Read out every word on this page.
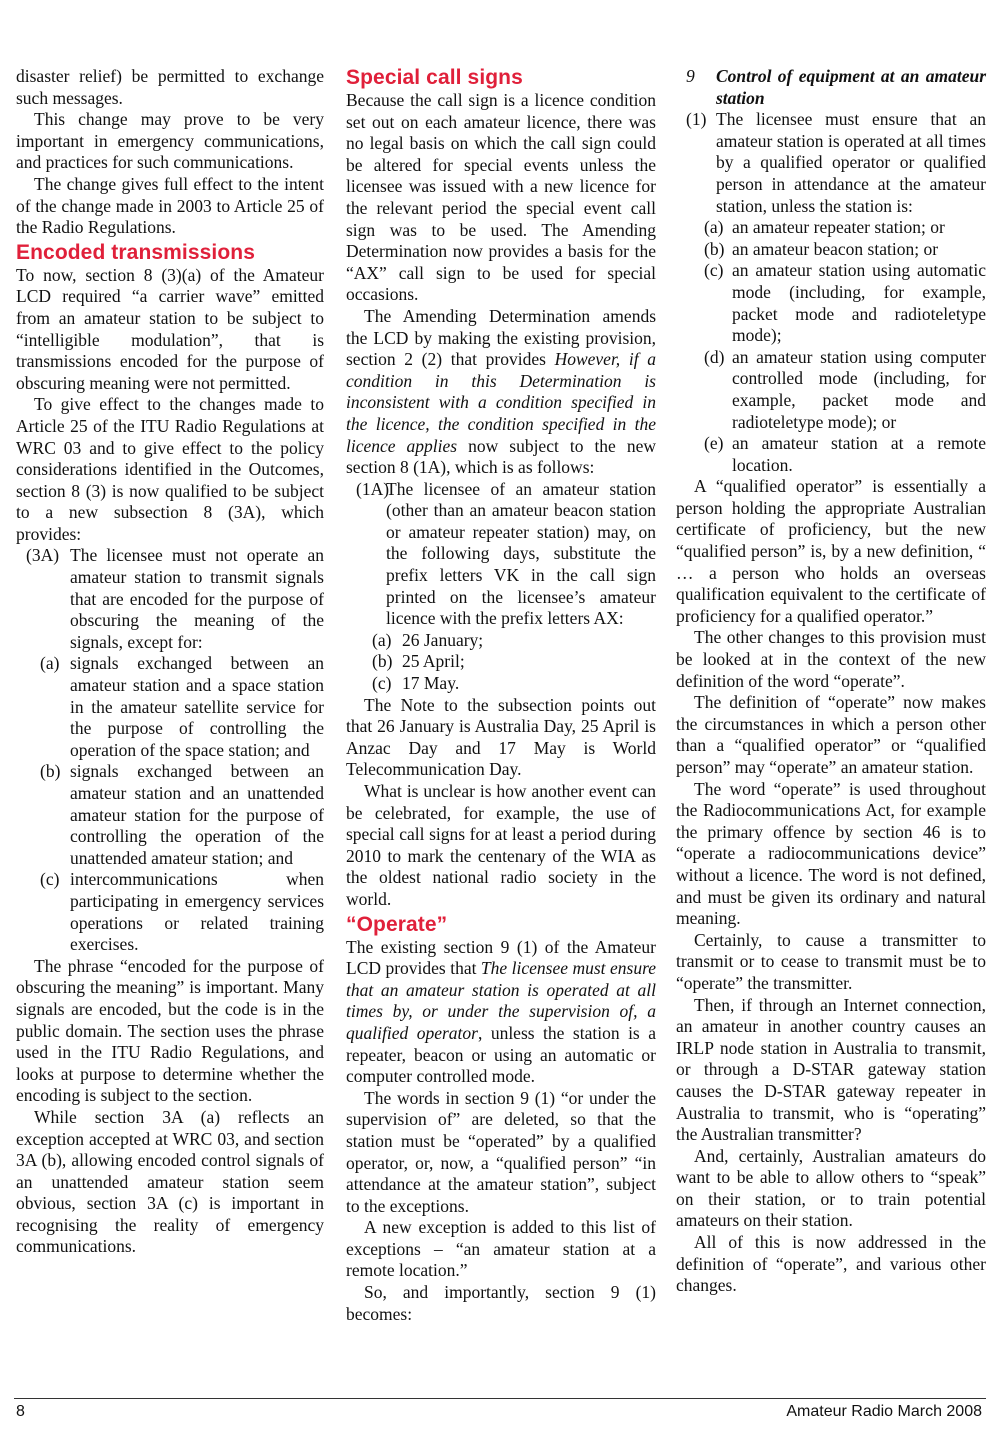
disaster relief) be permitted to exchange such messages.

This change may prove to be very important in emergency communications, and practices for such communications.

The change gives full effect to the intent of the change made in 2003 to Article 25 of the Radio Regulations.

Encoded transmissions

To now, section 8 (3)(a) of the Amateur LCD required “a carrier wave” emitted from an amateur station to be subject to “intelligible modulation”, that is transmissions encoded for the purpose of obscuring meaning were not permitted.

To give effect to the changes made to Article 25 of the ITU Radio Regulations at WRC 03 and to give effect to the policy considerations identified in the Outcomes, section 8 (3) is now qualified to be subject to a new subsection 8 (3A), which provides:

(3A) The licensee must not operate an amateur station to transmit signals that are encoded for the purpose of obscuring the meaning of the signals, except for:

(a) signals exchanged between an amateur station and a space station in the amateur satellite service for the purpose of controlling the operation of the space station; and

(b) signals exchanged between an amateur station and an unattended amateur station for the purpose of controlling the operation of the unattended amateur station; and

(c) intercommunications when participating in emergency services operations or related training exercises.

The phrase “encoded for the purpose of obscuring the meaning” is important. Many signals are encoded, but the code is in the public domain. The section uses the phrase used in the ITU Radio Regulations, and looks at purpose to determine whether the encoding is subject to the section.

While section 3A (a) reflects an exception accepted at WRC 03, and section 3A (b), allowing encoded control signals of an unattended amateur station seem obvious, section 3A (c) is important in recognising the reality of emergency communications.

Special call signs

Because the call sign is a licence condition set out on each amateur licence, there was no legal basis on which the call sign could be altered for special events unless the licensee was issued with a new licence for the relevant period the special event call sign was to be used. The Amending Determination now provides a basis for the “AX” call sign to be used for special occasions.

The Amending Determination amends the LCD by making the existing provision, section 2 (2) that provides However, if a condition in this Determination is inconsistent with a condition specified in the licence, the condition specified in the licence applies now subject to the new section 8 (1A), which is as follows:

(1A)
The licensee of an amateur station (other than an amateur beacon station or amateur repeater station) may, on the following days, substitute the prefix letters VK in the call sign printed on the licensee’s amateur licence with the prefix letters AX:

(a) 26 January;

(b) 25 April;

(c) 17 May.

The Note to the subsection points out that 26 January is Australia Day, 25 April is Anzac Day and 17 May is World Telecommunication Day.

What is unclear is how another event can be celebrated, for example, the use of special call signs for at least a period during 2010 to mark the centenary of the WIA as the oldest national radio society in the world.

“Operate”

The existing section 9 (1) of the Amateur LCD provides that The licensee must ensure that an amateur station is operated at all times by, or under the supervision of, a qualified operator, unless the station is a repeater, beacon or using an automatic or computer controlled mode.

The words in section 9 (1) “or under the supervision of” are deleted, so that the station must be “operated” by a qualified operator, or, now, a “qualified person” “in attendance at the amateur station”, subject to the exceptions.

A new exception is added to this list of exceptions – “an amateur station at a remote location.”

So, and importantly, section 9 (1) becomes:

9 Control of equipment at an amateur station

(1) The licensee must ensure that an amateur station is operated at all times by a qualified operator or qualified person in attendance at the amateur station, unless the station is:

(a) an amateur repeater station; or

(b) an amateur beacon station; or

(c) an amateur station using automatic mode (including, for example, packet mode and radioteletype mode);

(d) an amateur station using computer controlled mode (including, for example, packet mode and radioteletype mode); or

(e) an amateur station at a remote location.

A “qualified operator” is essentially a person holding the appropriate Australian certificate of proficiency, but the new “qualified person” is, by a new definition, “ … a person who holds an overseas qualification equivalent to the certificate of proficiency for a qualified operator.”

The other changes to this provision must be looked at in the context of the new definition of the word “operate”.

The definition of “operate” now makes the circumstances in which a person other than a “qualified operator” or “qualified person” may “operate” an amateur station.

The word “operate” is used throughout the Radiocommunications Act, for example the primary offence by section 46 is to “operate a radiocommunications device” without a licence. The word is not defined, and must be given its ordinary and natural meaning.

Certainly, to cause a transmitter to transmit or to cease to transmit must be to “operate” the transmitter.

Then, if through an Internet connection, an amateur in another country causes an IRLP node station in Australia to transmit, or through a D-STAR gateway station causes the D-STAR gateway repeater in Australia to transmit, who is “operating” the Australian transmitter?

And, certainly, Australian amateurs do want to be able to allow others to “speak” on their station, or to train potential amateurs on their station.

All of this is now addressed in the definition of “operate”, and various other changes.

8	Amateur Radio March 2008
